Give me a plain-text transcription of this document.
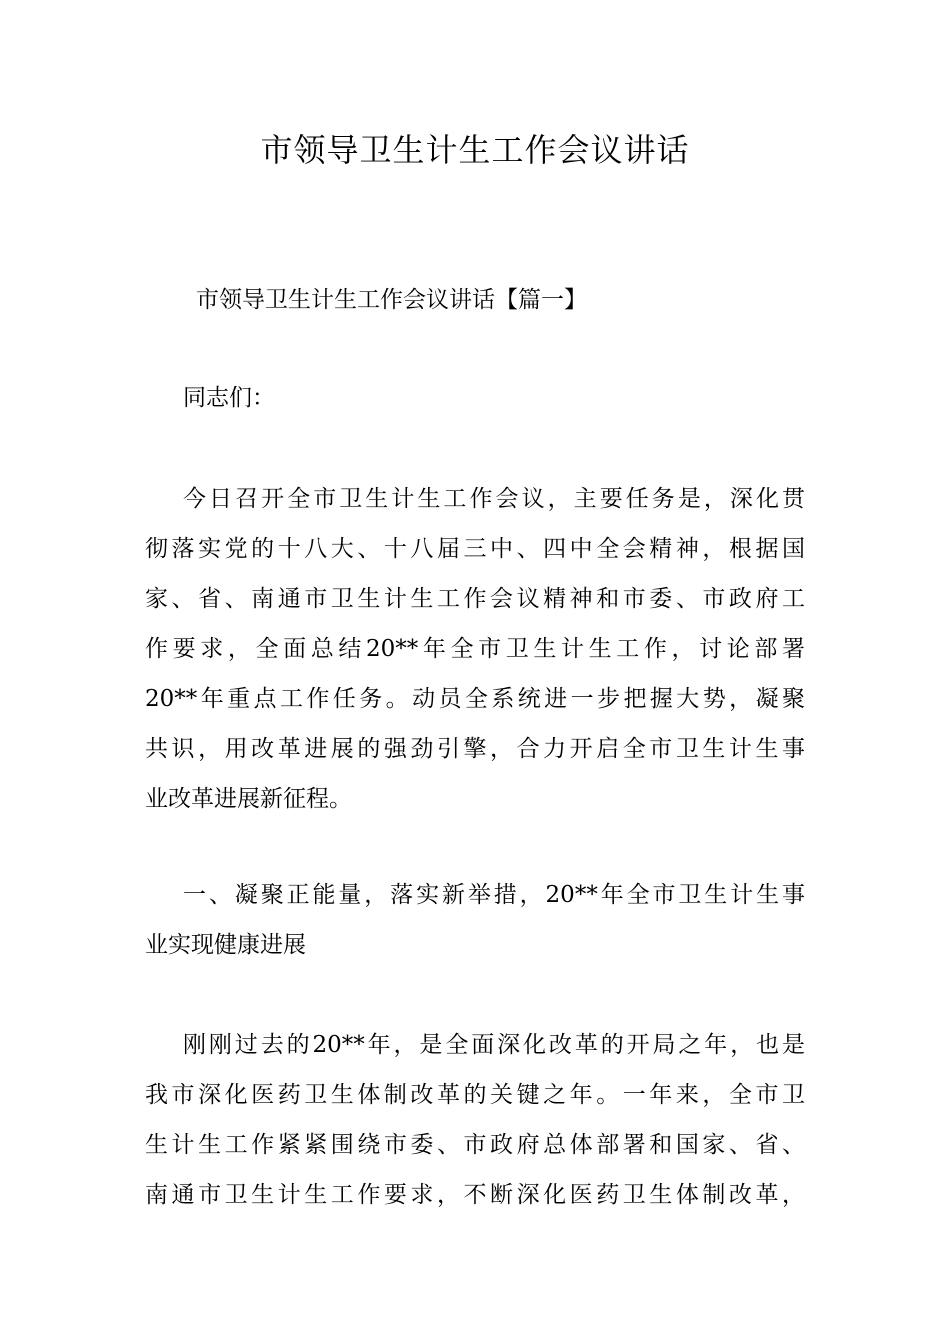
市领导卫生计生工作会议讲话
市领导卫生计生工作会议讲话【篇一】
同志们：
今日召开全市卫生计生工作会议，主要任务是，深化贯
彻落实党的十八大、十八届三中、四中全会精神，根据国
家、省、南通市卫生计生工作会议精神和市委、市政府工
作要求，全面总结20**年全市卫生计生工作，讨论部署
20**年重点工作任务。动员全系统进一步把握大势，凝聚
共识，用改革进展的强劲引擎，合力开启全市卫生计生事
业改革进展新征程。
一、凝聚正能量，落实新举措，20**年全市卫生计生事
业实现健康进展
刚刚过去的20**年，是全面深化改革的开局之年，也是
我市深化医药卫生体制改革的关键之年。一年来，全市卫
生计生工作紧紧围绕市委、市政府总体部署和国家、省、
南通市卫生计生工作要求，不断深化医药卫生体制改革，
